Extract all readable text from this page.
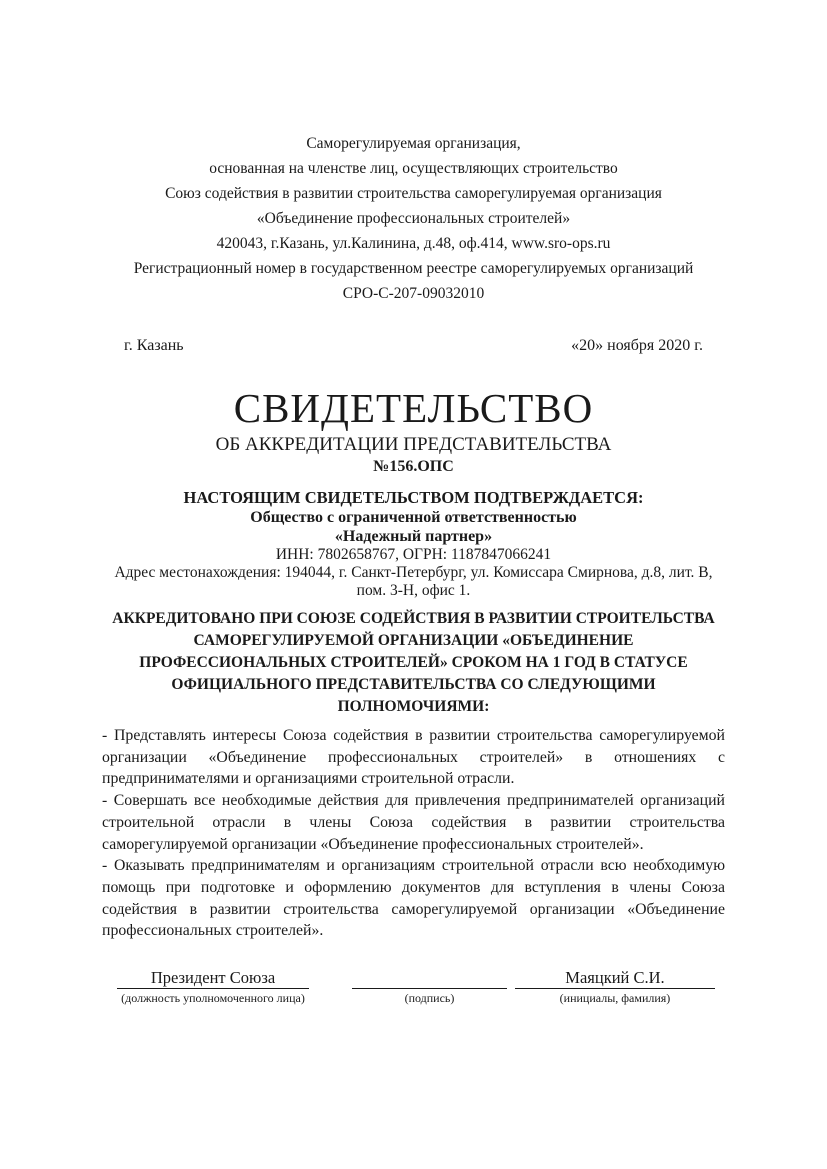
Саморегулируемая организация,
основанная на членстве лиц, осуществляющих строительство
Союз содействия в развитии строительства саморегулируемая организация
«Объединение профессиональных строителей»
420043, г.Казань, ул.Калинина, д.48, оф.414, www.sro-ops.ru
Регистрационный номер в государственном реестре саморегулируемых организаций
СРО-С-207-09032010
г. Казань	«20» ноября 2020 г.
СВИДЕТЕЛЬСТВО
ОБ АККРЕДИТАЦИИ ПРЕДСТАВИТЕЛЬСТВА
№156.ОПС
НАСТОЯЩИМ СВИДЕТЕЛЬСТВОМ ПОДТВЕРЖДАЕТСЯ:
Общество с ограниченной ответственностью
«Надежный партнер»
ИНН: 7802658767, ОГРН: 1187847066241
Адрес местонахождения: 194044, г. Санкт-Петербург, ул. Комиссара Смирнова, д.8, лит. В, пом. 3-Н, офис 1.
АККРЕДИТОВАНО ПРИ СОЮЗЕ СОДЕЙСТВИЯ В РАЗВИТИИ СТРОИТЕЛЬСТВА САМОРЕГУЛИРУЕМОЙ ОРГАНИЗАЦИИ «ОБЪЕДИНЕНИЕ ПРОФЕССИОНАЛЬНЫХ СТРОИТЕЛЕЙ» СРОКОМ НА 1 ГОД В СТАТУСЕ ОФИЦИАЛЬНОГО ПРЕДСТАВИТЕЛЬСТВА СО СЛЕДУЮЩИМИ ПОЛНОМОЧИЯМИ:

- Представлять интересы Союза содействия в развитии строительства саморегулируемой организации «Объединение профессиональных строителей» в отношениях с предпринимателями и организациями строительной отрасли.

- Совершать все необходимые действия для привлечения предпринимателей организаций строительной отрасли в члены Союза содействия в развитии строительства саморегулируемой организации «Объединение профессиональных строителей».

- Оказывать предпринимателям и организациям строительной отрасли всю необходимую помощь при подготовке и оформлению документов для вступления в члены Союза содействия в развитии строительства саморегулируемой организации «Объединение профессиональных строителей».

Президент Союза
(должность уполномоченного лица)	(подпись)
Маяцкий С.И.
(инициалы, фамилия)
